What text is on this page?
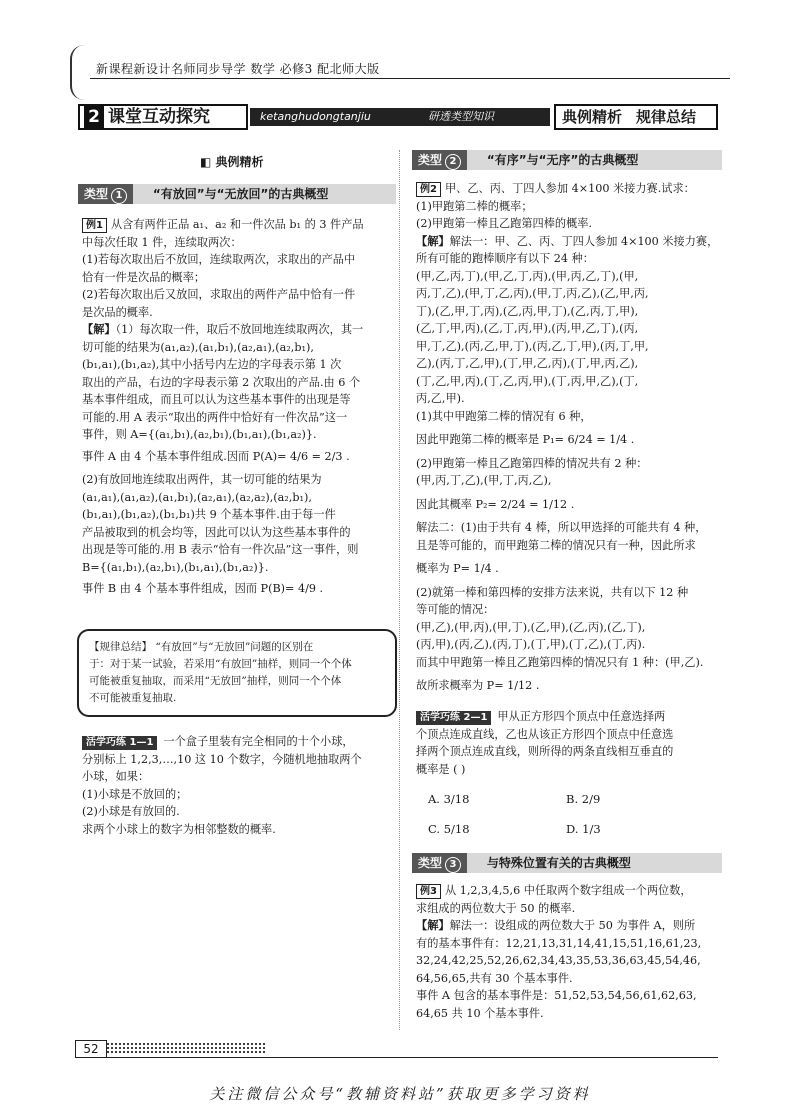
新课程新设计名师同步导学 数学 必修3 配北师大版
2 课堂互动探究	ketanghudongtanjiu	研透类型知识	典例精析 规律总结
◧ 典例精析
类型 1	“有放回”与“无放回”的古典概型

例1 从含有两件正品 a₁、a₂ 和一件次品 b₁ 的 3 件产品

中每次任取 1 件，连续取两次：

(1)若每次取出后不放回，连续取两次，求取出的产品中

恰有一件是次品的概率；

(2)若每次取出后又放回，求取出的两件产品中恰有一件

是次品的概率.

【解】（1）每次取一件，取后不放回地连续取两次，其一

切可能的结果为(a₁,a₂),(a₁,b₁),(a₂,a₁),(a₂,b₁),

(b₁,a₁),(b₁,a₂),其中小括号内左边的字母表示第 1 次

取出的产品，右边的字母表示第 2 次取出的产品.由 6 个

基本事件组成，而且可以认为这些基本事件的出现是等

可能的.用 A 表示“取出的两件中恰好有一件次品”这一

事件，则 A={(a₁,b₁),(a₂,b₁),(b₁,a₁),(b₁,a₂)}.

事件 A 由 4 个基本事件组成.因而 P(A)= 4/6 = 2/3 .

(2)有放回地连续取出两件，其一切可能的结果为

(a₁,a₁),(a₁,a₂),(a₁,b₁),(a₂,a₁),(a₂,a₂),(a₂,b₁),

(b₁,a₁),(b₁,a₂),(b₁,b₁)共 9 个基本事件.由于每一件

产品被取到的机会均等，因此可以认为这些基本事件的

出现是等可能的.用 B 表示“恰有一件次品”这一事件，则

B={(a₁,b₁),(a₂,b₁),(b₁,a₁),(b₁,a₂)}.

事件 B 由 4 个基本事件组成，因而 P(B)= 4/9 .

【规律总结】 “有放回”与“无放回”问题的区别在

于：对于某一试验，若采用“有放回”抽样，则同一个个体

可能被重复抽取，而采用“无放回”抽样，则同一个个体

不可能被重复抽取.

活学巧练 1—1 一个盒子里装有完全相同的十个小球，

分别标上 1,2,3,…,10 这 10 个数字，今随机地抽取两个

小球，如果：

(1)小球是不放回的；

(2)小球是有放回的.

求两个小球上的数字为相邻整数的概率.

类型 2	“有序”与“无序”的古典概型

例2 甲、乙、丙、丁四人参加 4×100 米接力赛.试求：

(1)甲跑第二棒的概率；

(2)甲跑第一棒且乙跑第四棒的概率.

【解】解法一：甲、乙、丙、丁四人参加 4×100 米接力赛，

所有可能的跑棒顺序有以下 24 种：

(甲,乙,丙,丁),(甲,乙,丁,丙),(甲,丙,乙,丁),(甲,

丙,丁,乙),(甲,丁,乙,丙),(甲,丁,丙,乙),(乙,甲,丙,

丁),(乙,甲,丁,丙),(乙,丙,甲,丁),(乙,丙,丁,甲),

(乙,丁,甲,丙),(乙,丁,丙,甲),(丙,甲,乙,丁),(丙,

甲,丁,乙),(丙,乙,甲,丁),(丙,乙,丁,甲),(丙,丁,甲,

乙),(丙,丁,乙,甲),(丁,甲,乙,丙),(丁,甲,丙,乙),

(丁,乙,甲,丙),(丁,乙,丙,甲),(丁,丙,甲,乙),(丁,

丙,乙,甲).

(1)其中甲跑第二棒的情况有 6 种，

因此甲跑第二棒的概率是 P₁= 6/24 = 1/4 .

(2)甲跑第一棒且乙跑第四棒的情况共有 2 种：

(甲,丙,丁,乙),(甲,丁,丙,乙),

因此其概率 P₂= 2/24 = 1/12 .

解法二：(1)由于共有 4 棒，所以甲选择的可能共有 4 种，

且是等可能的，而甲跑第二棒的情况只有一种，因此所求

概率为 P= 1/4 .

(2)就第一棒和第四棒的安排方法来说，共有以下 12 种

等可能的情况：

(甲,乙),(甲,丙),(甲,丁),(乙,甲),(乙,丙),(乙,丁),

(丙,甲),(丙,乙),(丙,丁),(丁,甲),(丁,乙),(丁,丙).

而其中甲跑第一棒且乙跑第四棒的情况只有 1 种：(甲,乙).

故所求概率为 P= 1/12 .

活学巧练 2—1 甲从正方形四个顶点中任意选择两

个顶点连成直线，乙也从该正方形四个顶点中任意选

择两个顶点连成直线，则所得的两条直线相互垂直的

概率是 ( )

A. 3/18	B. 2/9
C. 5/18	D. 1/3
类型 3	与特殊位置有关的古典概型

例3 从 1,2,3,4,5,6 中任取两个数字组成一个两位数，

求组成的两位数大于 50 的概率.

【解】解法一：设组成的两位数大于 50 为事件 A，则所

有的基本事件有：12,21,13,31,14,41,15,51,16,61,23,

32,24,42,25,52,26,62,34,43,35,53,36,63,45,54,46,

64,56,65,共有 30 个基本事件.

事件 A 包含的基本事件是：51,52,53,54,56,61,62,63,

64,65 共 10 个基本事件.

52
关注微信公众号“教辅资料站”获取更多学习资料
